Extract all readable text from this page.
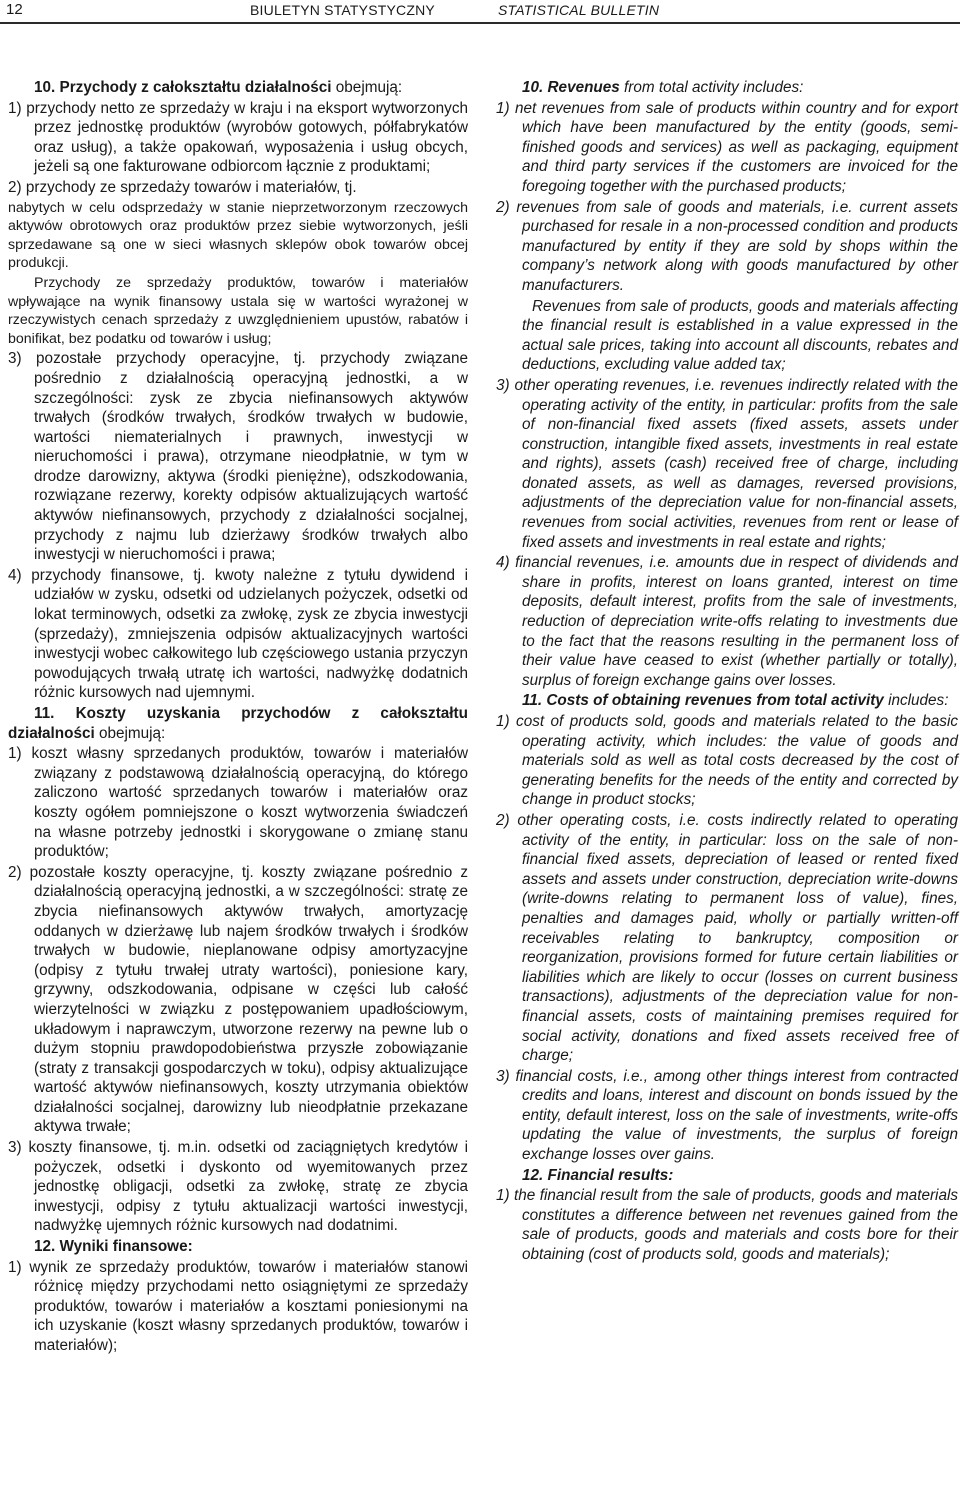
12	BIULETYN STATYSTYCZNY	STATISTICAL BULLETIN

10. Przychody z całokształtu działalności obejmują:

1) przychody netto ze sprzedaży w kraju i na eksport wytworzonych przez jednostkę produktów (wyrobów gotowych, półfabrykatów oraz usług), a także opakowań, wyposażenia i usług obcych, jeżeli są one fakturowane odbiorcom łącznie z produktami;

2) przychody ze sprzedaży towarów i materiałów, tj.

nabytych w celu odsprzedaży w stanie nieprzetworzonym rzeczowych aktywów obrotowych oraz produktów przez siebie wytworzonych, jeśli sprzedawane są one w sieci własnych sklepów obok towarów obcej produkcji.

Przychody ze sprzedaży produktów, towarów i materiałów wpływające na wynik finansowy ustala się w wartości wyrażonej w rzeczywistych cenach sprzedaży z uwzględnieniem upustów, rabatów i bonifikat, bez podatku od towarów i usług;

3) pozostałe przychody operacyjne, tj. przychody związane pośrednio z działalnością operacyjną jednostki, a w szczególności: zysk ze zbycia niefinansowych aktywów trwałych (środków trwałych, środków trwałych w budowie, wartości niematerialnych i prawnych, inwestycji w nieruchomości i prawa), otrzymane nieodpłatnie, w tym w drodze darowizny, aktywa (środki pieniężne), odszkodowania, rozwiązane rezerwy, korekty odpisów aktualizujących wartość aktywów niefinansowych, przychody z działalności socjalnej, przychody z najmu lub dzierżawy środków trwałych albo inwestycji w nieruchomości i prawa;

4) przychody finansowe, tj. kwoty należne z tytułu dywidend i udziałów w zysku, odsetki od udzielanych pożyczek, odsetki od lokat terminowych, odsetki za zwłokę, zysk ze zbycia inwestycji (sprzedaży), zmniejszenia odpisów aktualizacyjnych wartości inwestycji wobec całkowitego lub częściowego ustania przyczyn powodujących trwałą utratę ich wartości, nadwyżkę dodatnich różnic kursowych nad ujemnymi.

11. Koszty uzyskania przychodów z całokształtu działalności obejmują:

1) koszt własny sprzedanych produktów, towarów i materiałów związany z podstawową działalnością operacyjną, do którego zaliczono wartość sprzedanych towarów i materiałów oraz koszty ogółem pomniejszone o koszt wytworzenia świadczeń na własne potrzeby jednostki i skorygowane o zmianę stanu produktów;

2) pozostałe koszty operacyjne, tj. koszty związane pośrednio z działalnością operacyjną jednostki, a w szczególności: stratę ze zbycia niefinansowych aktywów trwałych, amortyzację oddanych w dzierżawę lub najem środków trwałych i środków trwałych w budowie, nieplanowane odpisy amortyzacyjne (odpisy z tytułu trwałej utraty wartości), poniesione kary, grzywny, odszkodowania, odpisane w części lub całość wierzytelności w związku z postępowaniem upadłościowym, układowym i naprawczym, utworzone rezerwy na pewne lub o dużym stopniu prawdopodobieństwa przyszłe zobowiązanie (straty z transakcji gospodarczych w toku), odpisy aktualizujące wartość aktywów niefinansowych, koszty utrzymania obiektów działalności socjalnej, darowizny lub nieodpłatnie przekazane aktywa trwałe;

3) koszty finansowe, tj. m.in. odsetki od zaciągniętych kredytów i pożyczek, odsetki i dyskonto od wyemitowanych przez jednostkę obligacji, odsetki za zwłokę, stratę ze zbycia inwestycji, odpisy z tytułu aktualizacji wartości inwestycji, nadwyżkę ujemnych różnic kursowych nad dodatnimi.

12. Wyniki finansowe:

1) wynik ze sprzedaży produktów, towarów i materiałów stanowi różnicę między przychodami netto osiągniętymi ze sprzedaży produktów, towarów i materiałów a kosztami poniesionymi na ich uzyskanie (koszt własny sprzedanych produktów, towarów i materiałów);

10. Revenues from total activity includes:

1) net revenues from sale of products within country and for export which have been manufactured by the entity (goods, semi-finished goods and services) as well as packaging, equipment and third party services if the customers are invoiced for the foregoing together with the purchased products;

2) revenues from sale of goods and materials, i.e. current assets purchased for resale in a non-processed condition and products manufactured by entity if they are sold by shops within the company’s network along with goods manufactured by other manufacturers.

Revenues from sale of products, goods and materials affecting the financial result is established in a value expressed in the actual sale prices, taking into account all discounts, rebates and deductions, excluding value added tax;

3) other operating revenues, i.e. revenues indirectly related with the operating activity of the entity, in particular: profits from the sale of non-financial fixed assets (fixed assets, assets under construction, intangible fixed assets, investments in real estate and rights), assets (cash) received free of charge, including donated assets, as well as damages, reversed provisions, adjustments of the depreciation value for non-financial assets, revenues from social activities, revenues from rent or lease of fixed assets and investments in real estate and rights;

4) financial revenues, i.e. amounts due in respect of dividends and share in profits, interest on loans granted, interest on time deposits, default interest, profits from the sale of investments, reduction of depreciation write-offs relating to investments due to the fact that the reasons resulting in the permanent loss of their value have ceased to exist (whether partially or totally), surplus of foreign exchange gains over losses.

11. Costs of obtaining revenues from total activity includes:

1) cost of products sold, goods and materials related to the basic operating activity, which includes: the value of goods and materials sold as well as total costs decreased by the cost of generating benefits for the needs of the entity and corrected by change in product stocks;

2) other operating costs, i.e. costs indirectly related to operating activity of the entity, in particular: loss on the sale of non-financial fixed assets, depreciation of leased or rented fixed assets and assets under construction, depreciation write-downs (write-downs relating to permanent loss of value), fines, penalties and damages paid, wholly or partially written-off receivables relating to bankruptcy, composition or reorganization, provisions formed for future certain liabilities or liabilities which are likely to occur (losses on current business transactions), adjustments of the depreciation value for non-financial assets, costs of maintaining premises required for social activity, donations and fixed assets received free of charge;

3) financial costs, i.e., among other things interest from contracted credits and loans, interest and discount on bonds issued by the entity, default interest, loss on the sale of investments, write-offs updating the value of investments, the surplus of foreign exchange losses over gains.

12. Financial results:

1) the financial result from the sale of products, goods and materials constitutes a difference between net revenues gained from the sale of products, goods and materials and costs bore for their obtaining (cost of products sold, goods and materials);
